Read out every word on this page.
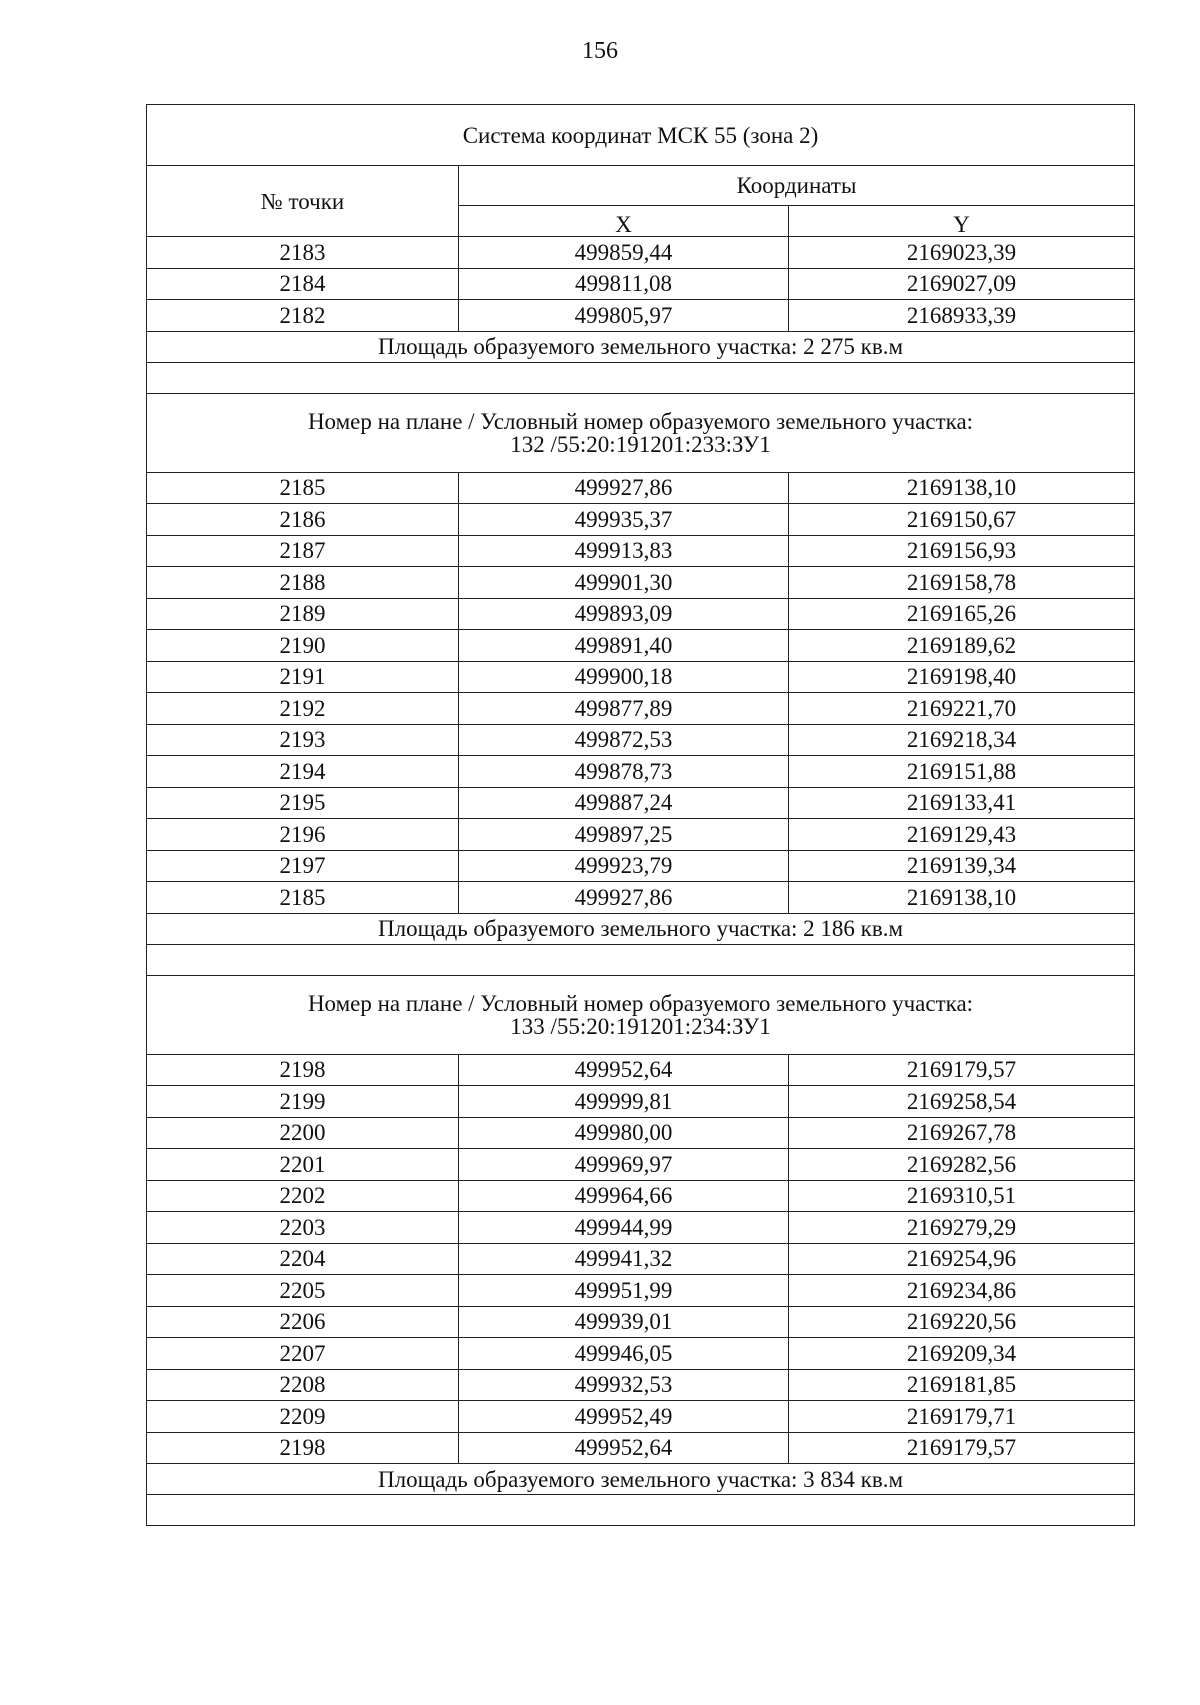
156
Система координат МСК 55 (зона 2)		
№ точки	Координаты	
	X	Y
2183	499859,44	2169023,39
2184	499811,08	2169027,09
2182	499805,97	2168933,39
Площадь образуемого земельного участка: 2 275 кв.м		

Номер на плане / Условный номер образуемого земельного участка:
132 /55:20:191201:233:ЗУ1		

2185	499927,86	2169138,10
2186	499935,37	2169150,67
2187	499913,83	2169156,93
2188	499901,30	2169158,78
2189	499893,09	2169165,26
2190	499891,40	2169189,62
2191	499900,18	2169198,40
2192	499877,89	2169221,70
2193	499872,53	2169218,34
2194	499878,73	2169151,88
2195	499887,24	2169133,41
2196	499897,25	2169129,43
2197	499923,79	2169139,34
2185	499927,86	2169138,10
Площадь образуемого земельного участка: 2 186 кв.м		

Номер на плане / Условный номер образуемого земельного участка:
133 /55:20:191201:234:ЗУ1		

2198	499952,64	2169179,57
2199	499999,81	2169258,54
2200	499980,00	2169267,78
2201	499969,97	2169282,56
2202	499964,66	2169310,51
2203	499944,99	2169279,29
2204	499941,32	2169254,96
2205	499951,99	2169234,86
2206	499939,01	2169220,56
2207	499946,05	2169209,34
2208	499932,53	2169181,85
2209	499952,49	2169179,71
2198	499952,64	2169179,57
Площадь образуемого земельного участка: 3 834 кв.м		
